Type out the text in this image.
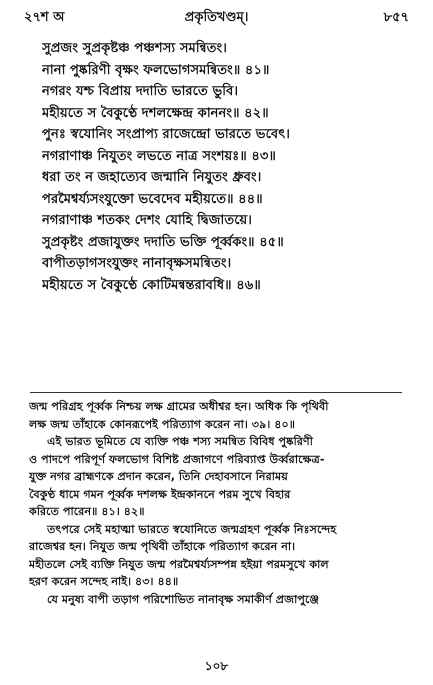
২৭শ অ	প্রকৃতিখণ্ডম্।	৮৫৭
সুপ্রজং সুপ্রকৃষ্টঞ্চ পঞ্চশস্য সমন্বিতং।
নানা পুষ্করিণী বৃক্ষং ফলভোগসমন্বিতং॥ ৪১॥
নগরং যশ্চ বিপ্রায় দদাতি ভারতে ভুবি।
মহীয়তে স বৈকুণ্ঠে দশলক্ষেন্দ্র কাননং॥ ৪২॥
পুনঃ স্বযোনিং সংপ্রাপ্য রাজেন্দ্রো ভারতে ভবেৎ।
নগরাণাঞ্চ নিযুতং লভতে নাত্র সংশয়ঃ॥ ৪৩॥
ধরা তং ন জহাত্যেব জন্মানি নিযুতং ধ্রুবং।
পরমৈশ্বর্য্যসংযুক্তো ভবেদেব মহীয়তে॥ ৪৪॥
নগরাণাঞ্চ শতকং দেশং যোহি দ্বিজাতয়ে।
সুপ্রকৃষ্টং প্রজাযুক্তং দদাতি ভক্তি পূর্ব্বকং॥ ৪৫॥
বাপীতড়াগসংযুক্তং নানাবৃক্ষসমন্বিতং।
মহীয়তে স বৈকুণ্ঠে কোটিমন্বন্তরাবধি॥ ৪৬॥
জন্ম পরিগ্রহ পূর্ব্বক নিশ্চয় লক্ষ গ্রামের অধীশ্বর হন। অধিক কি পৃথিবী
লক্ষ জন্ম তাঁহাকে কোনরূপেই পরিত্যাগ করেন না। ৩৯। ৪০॥
এই ভারত ভূমিতে যে ব্যক্তি পঞ্চ শস্য সমন্বিত বিবিধ পুষ্করিণী
ও পাদপে পরিপূর্ণ ফলভোগ বিশিষ্ট প্রজাগণে পরিব্যাপ্ত উর্ব্বরাক্ষেত্র-
যুক্ত নগর ব্রাহ্মণকে প্রদান করেন, তিনি দেহাবসানে নিরাময়
বৈকুণ্ঠ ধামে গমন পূর্ব্বক দশলক্ষ ইন্দ্রকাননে পরম সুখে বিহার
করিতে পারেন॥ ৪১। ৪২॥
তৎপরে সেই মহাত্মা ভারতে স্বযোনিতে জন্মগ্রহণ পূর্ব্বক নিঃসন্দেহ
রাজেশ্বর হন। নিযুত জন্ম পৃথিবী তাঁহাকে পরিত্যাগ করেন না।
মহীতলে সেই ব্যক্তি নিযুত জন্ম পরমৈশ্বর্য্যসম্পন্ন হইয়া পরমসুখে কাল
হরণ করেন সন্দেহ নাই। ৪৩। ৪৪॥
যে মনুষ্য বাপী তড়াগ পরিশোভিত নানাবৃক্ষ সমাকীর্ণ প্রজাপুঞ্জে
১০৮
